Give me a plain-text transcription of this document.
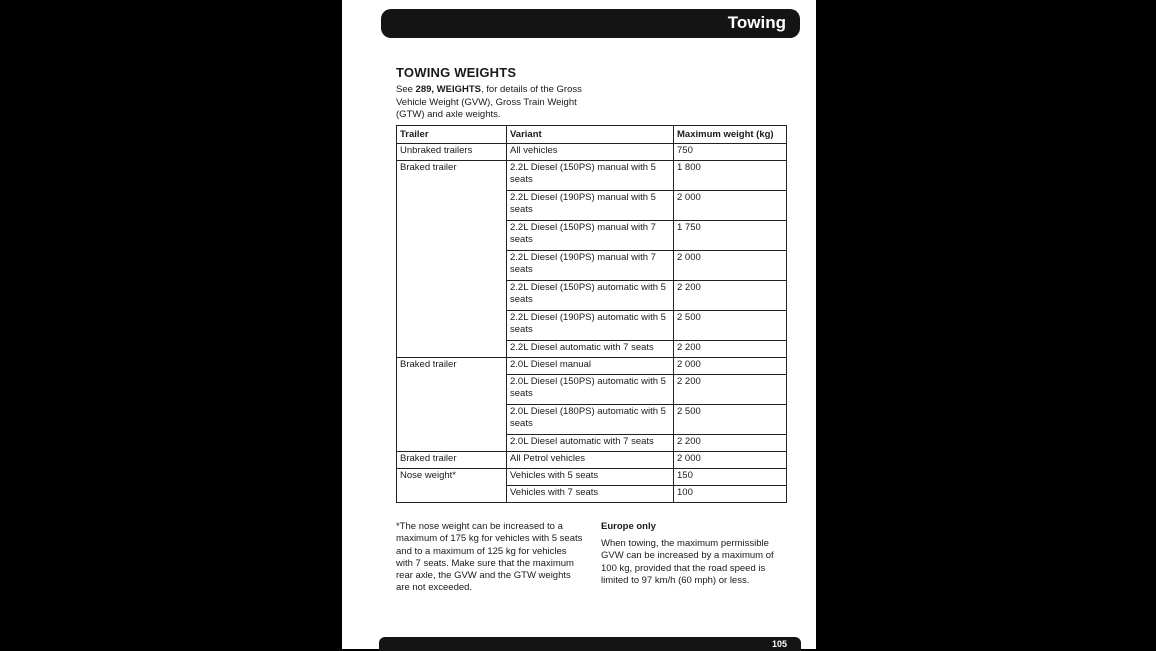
Towing
TOWING WEIGHTS
See 289, WEIGHTS, for details of the Gross Vehicle Weight (GVW), Gross Train Weight (GTW) and axle weights.
Trailer	Variant	Maximum weight (kg)
Unbraked trailers	All vehicles	750
Braked trailer	2.2L Diesel (150PS) manual with 5 seats	1 800
	2.2L Diesel (190PS) manual with 5 seats	2 000
	2.2L Diesel (150PS) manual with 7 seats	1 750
	2.2L Diesel (190PS) manual with 7 seats	2 000
	2.2L Diesel (150PS) automatic with 5 seats	2 200
	2.2L Diesel (190PS) automatic with 5 seats	2 500
	2.2L Diesel automatic with 7 seats	2 200
Braked trailer	2.0L Diesel manual	2 000
	2.0L Diesel (150PS) automatic with 5 seats	2 200
	2.0L Diesel (180PS) automatic with 5 seats	2 500
	2.0L Diesel automatic with 7 seats	2 200
Braked trailer	All Petrol vehicles	2 000
Nose weight*	Vehicles with 5 seats	150
	Vehicles with 7 seats	100
*The nose weight can be increased to a maximum of 175 kg for vehicles with 5 seats and to a maximum of 125 kg for vehicles with 7 seats. Make sure that the maximum rear axle, the GVW and the GTW weights are not exceeded.
Europe only
When towing, the maximum permissible GVW can be increased by a maximum of 100 kg, provided that the road speed is limited to 97 km/h (60 mph) or less.
105
